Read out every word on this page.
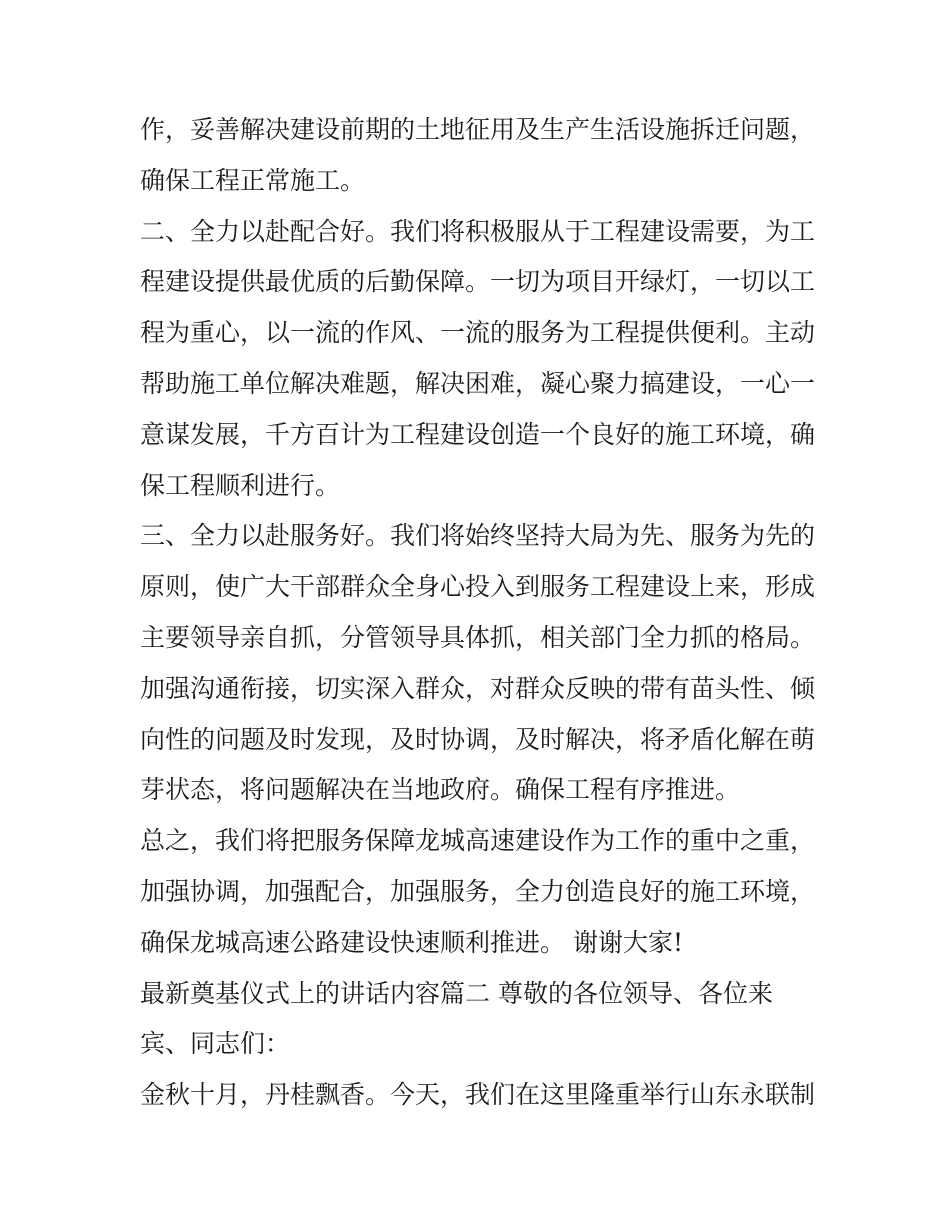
作，妥善解决建设前期的土地征用及生产生活设施拆迁问题，
确保工程正常施工。
二、全力以赴配合好。我们将积极服从于工程建设需要，为工
程建设提供最优质的后勤保障。一切为项目开绿灯，一切以工
程为重心，以一流的作风、一流的服务为工程提供便利。主动
帮助施工单位解决难题，解决困难，凝心聚力搞建设，一心一
意谋发展，千方百计为工程建设创造一个良好的施工环境，确
保工程顺利进行。
三、全力以赴服务好。我们将始终坚持大局为先、服务为先的
原则，使广大干部群众全身心投入到服务工程建设上来，形成
主要领导亲自抓，分管领导具体抓，相关部门全力抓的格局。
加强沟通衔接，切实深入群众，对群众反映的带有苗头性、倾
向性的问题及时发现，及时协调，及时解决，将矛盾化解在萌
芽状态，将问题解决在当地政府。确保工程有序推进。
总之，我们将把服务保障龙城高速建设作为工作的重中之重，
加强协调，加强配合，加强服务，全力创造良好的施工环境，
确保龙城高速公路建设快速顺利推进。 谢谢大家!
最新奠基仪式上的讲话内容篇二 尊敬的各位领导、各位来
宾、同志们：
金秋十月，丹桂飘香。今天，我们在这里隆重举行山东永联制
